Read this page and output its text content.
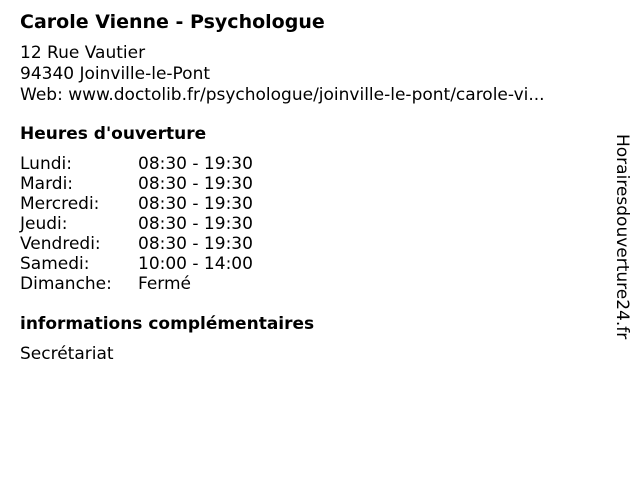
Carole Vienne - Psychologue
12 Rue Vautier
94340 Joinville-le-Pont
Web: www.doctolib.fr/psychologue/joinville-le-pont/carole-vi...
Heures d'ouverture
Lundi:	08:30 - 19:30
Mardi:	08:30 - 19:30
Mercredi: 08:30 - 19:30
Jeudi:	08:30 - 19:30
Vendredi: 08:30 - 19:30
Samedi:	10:00 - 14:00
Dimanche: Fermé
informations complémentaires
Secrétariat
Horairesdouverture24.fr
